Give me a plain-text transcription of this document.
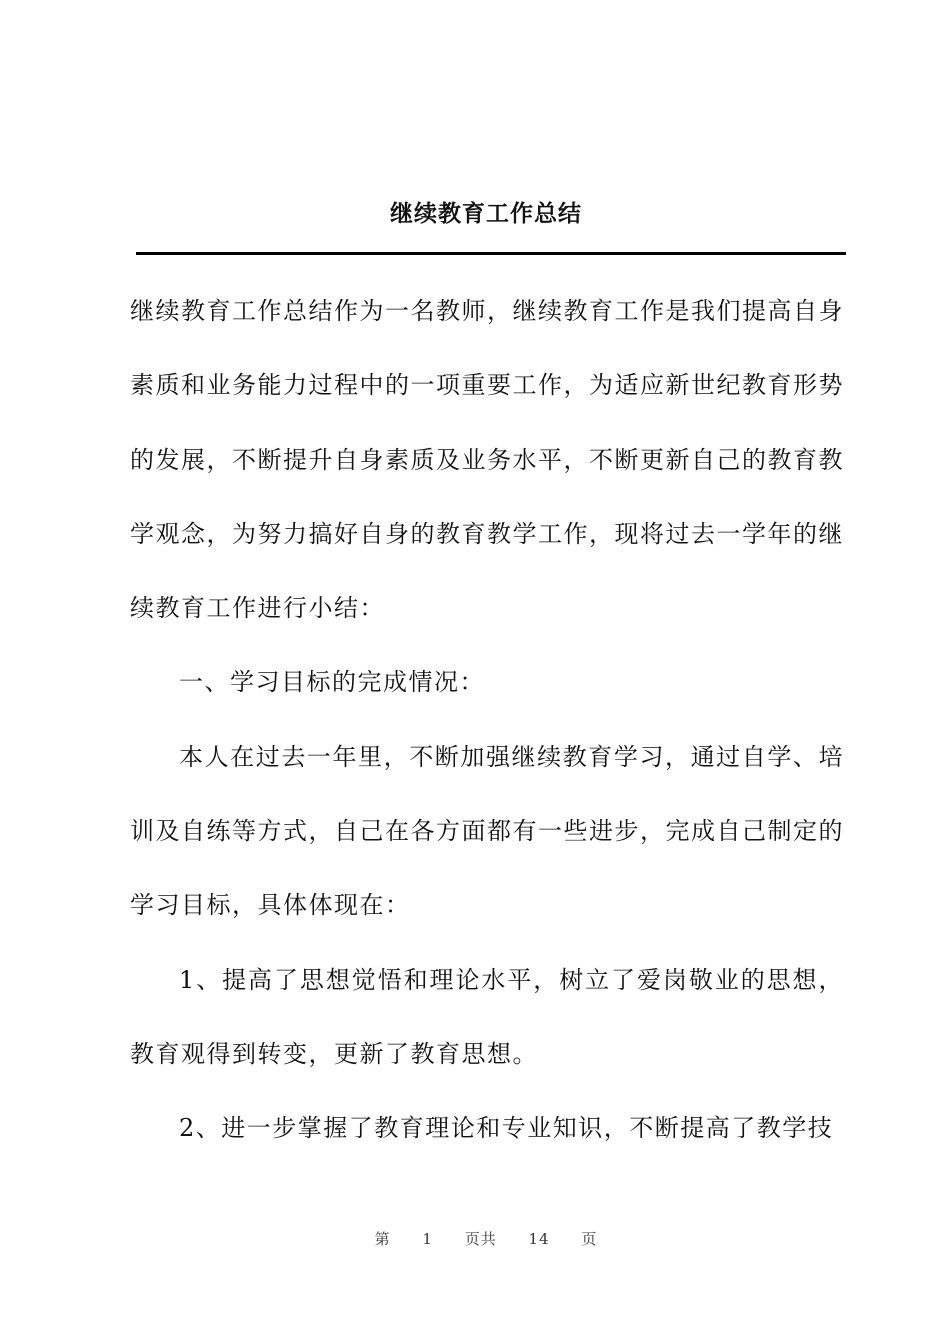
继续教育工作总结

继续教育工作总结作为一名教师，继续教育工作是我们提高自身素质和业务能力过程中的一项重要工作，为适应新世纪教育形势的发展，不断提升自身素质及业务水平，不断更新自己的教育教学观念，为努力搞好自身的教育教学工作，现将过去一学年的继续教育工作进行小结：

一、学习目标的完成情况：

本人在过去一年里，不断加强继续教育学习，通过自学、培训及自练等方式，自己在各方面都有一些进步，完成自己制定的学习目标，具体体现在：

1、提高了思想觉悟和理论水平，树立了爱岗敬业的思想，教育观得到转变，更新了教育思想。

2、进一步掌握了教育理论和专业知识，不断提高了教学技

第 1 页共 14 页
